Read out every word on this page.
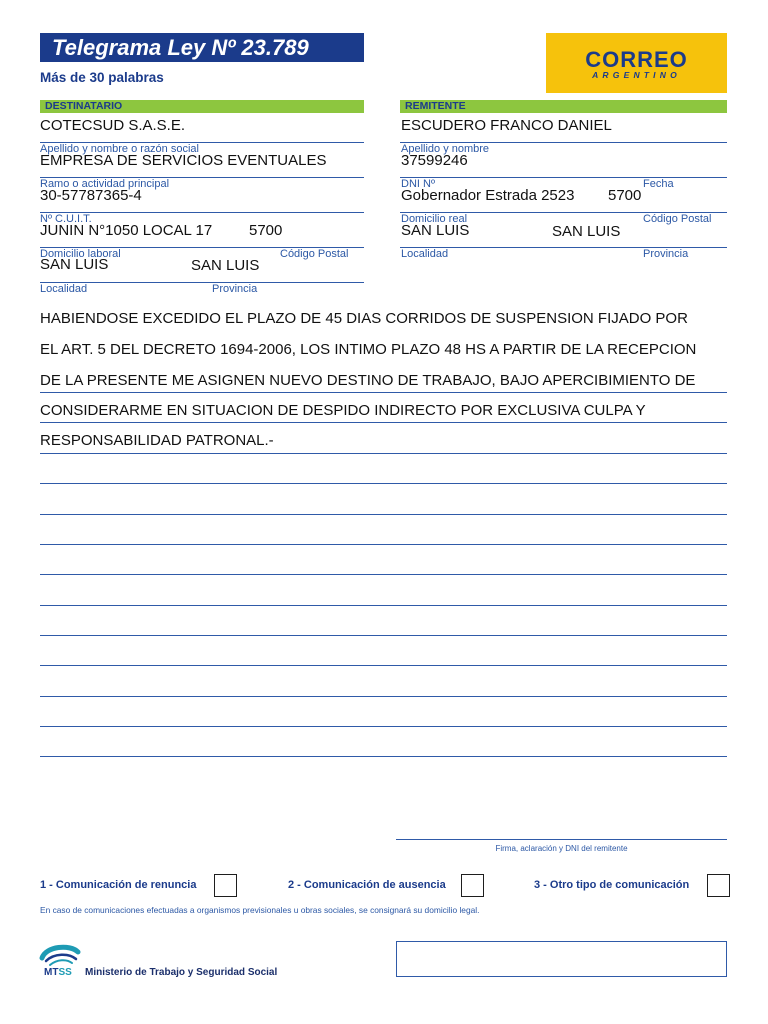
Telegrama Ley Nº 23.789
Más de 30 palabras
CORREO
ARGENTINO
DESTINATARIO
COTECSUD S.A.S.E.
Apellido y nombre o razón social
EMPRESA DE SERVICIOS EVENTUALES
Ramo o actividad principal
30-57787365-4
Nº C.U.I.T.
JUNIN N°1050 LOCAL 17 5700
Domicilio laboral	Código Postal
SAN LUIS	SAN LUIS
Localidad	Provincia
REMITENTE
ESCUDERO FRANCO DANIEL
Apellido y nombre
37599246
DNI Nº	Fecha
Gobernador Estrada 2523 5700
Domicilio real	Código Postal
SAN LUIS	SAN LUIS
Localidad	Provincia
HABIENDOSE EXCEDIDO EL PLAZO DE 45 DIAS CORRIDOS DE SUSPENSION FIJADO POR
EL ART. 5 DEL DECRETO 1694-2006, LOS INTIMO PLAZO 48 HS A PARTIR DE LA RECEPCION
DE LA PRESENTE ME ASIGNEN NUEVO DESTINO DE TRABAJO, BAJO APERCIBIMIENTO DE
CONSIDERARME EN SITUACION DE DESPIDO INDIRECTO POR EXCLUSIVA CULPA Y
RESPONSABILIDAD PATRONAL.-
Firma, aclaración y DNI del remitente
1 - Comunicación de renuncia	2 - Comunicación de ausencia	3 - Otro tipo de comunicación
En caso de comunicaciones efectuadas a organismos previsionales u obras sociales, se consignará su domicilio legal.
MTSS Ministerio de Trabajo y Seguridad Social
